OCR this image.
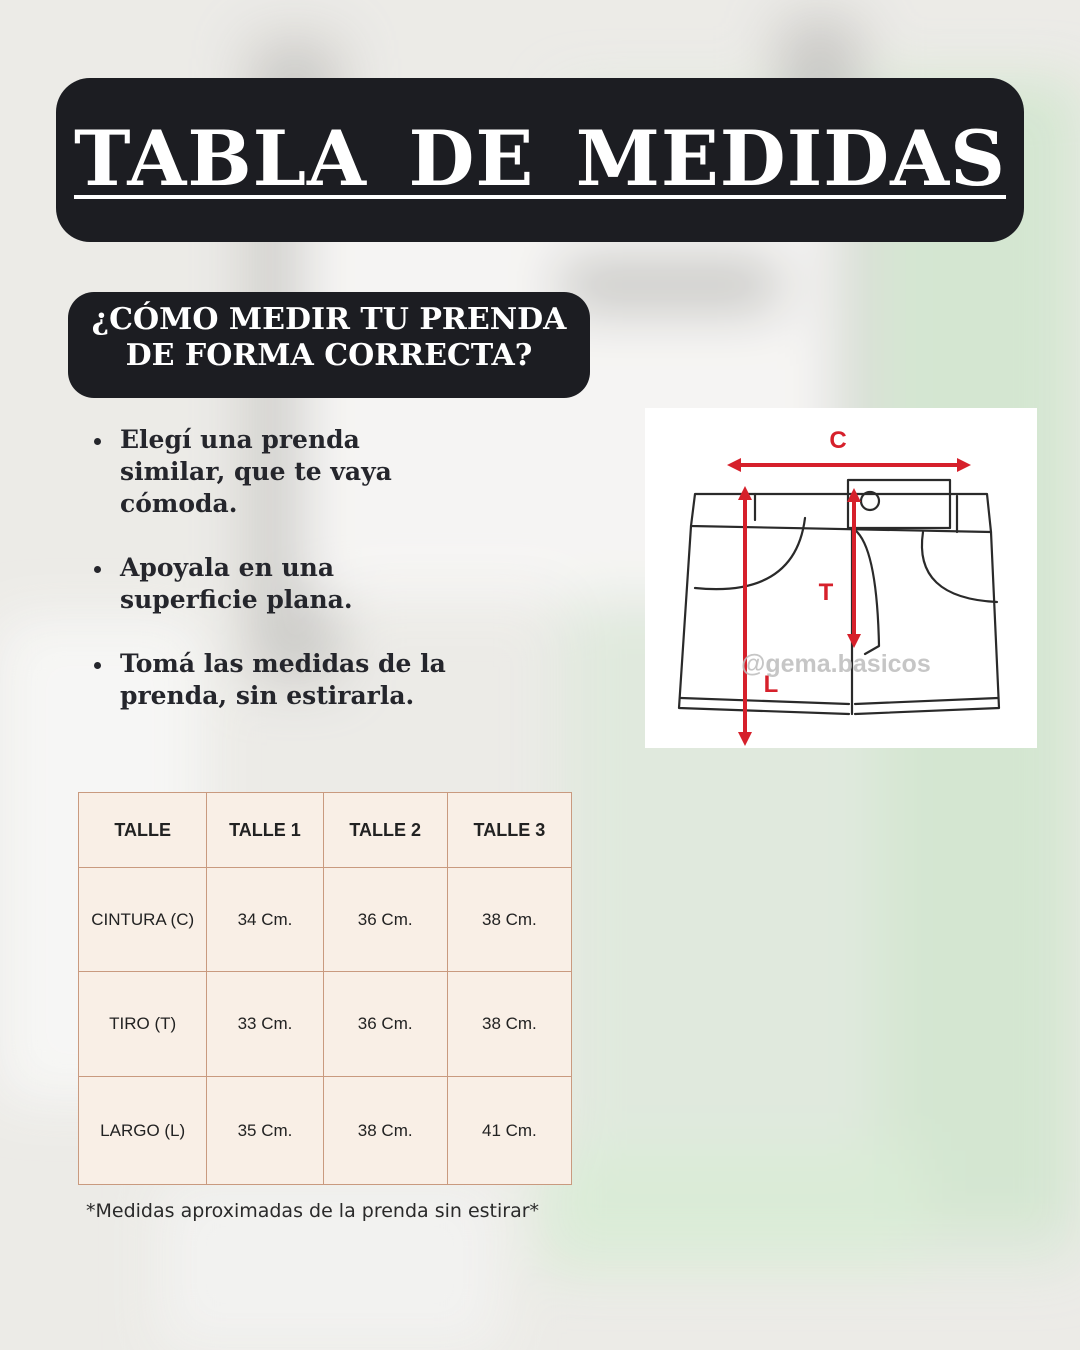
TABLA DE MEDIDAS
¿CÓMO MEDIR TU PRENDA
DE FORMA CORRECTA?
Elegí una prenda
similar, que te vaya
cómoda.
Apoyala en una
superficie plana.
Tomá las medidas de la
prenda, sin estirarla.
C
T
L
@gema.basicos
TALLE	TALLE 1	TALLE 2	TALLE 3
CINTURA (C)	34 Cm.	36 Cm.	38 Cm.
TIRO (T)	33 Cm.	36 Cm.	38 Cm.
LARGO (L)	35 Cm.	38 Cm.	41 Cm.
*Medidas aproximadas de la prenda sin estirar*
